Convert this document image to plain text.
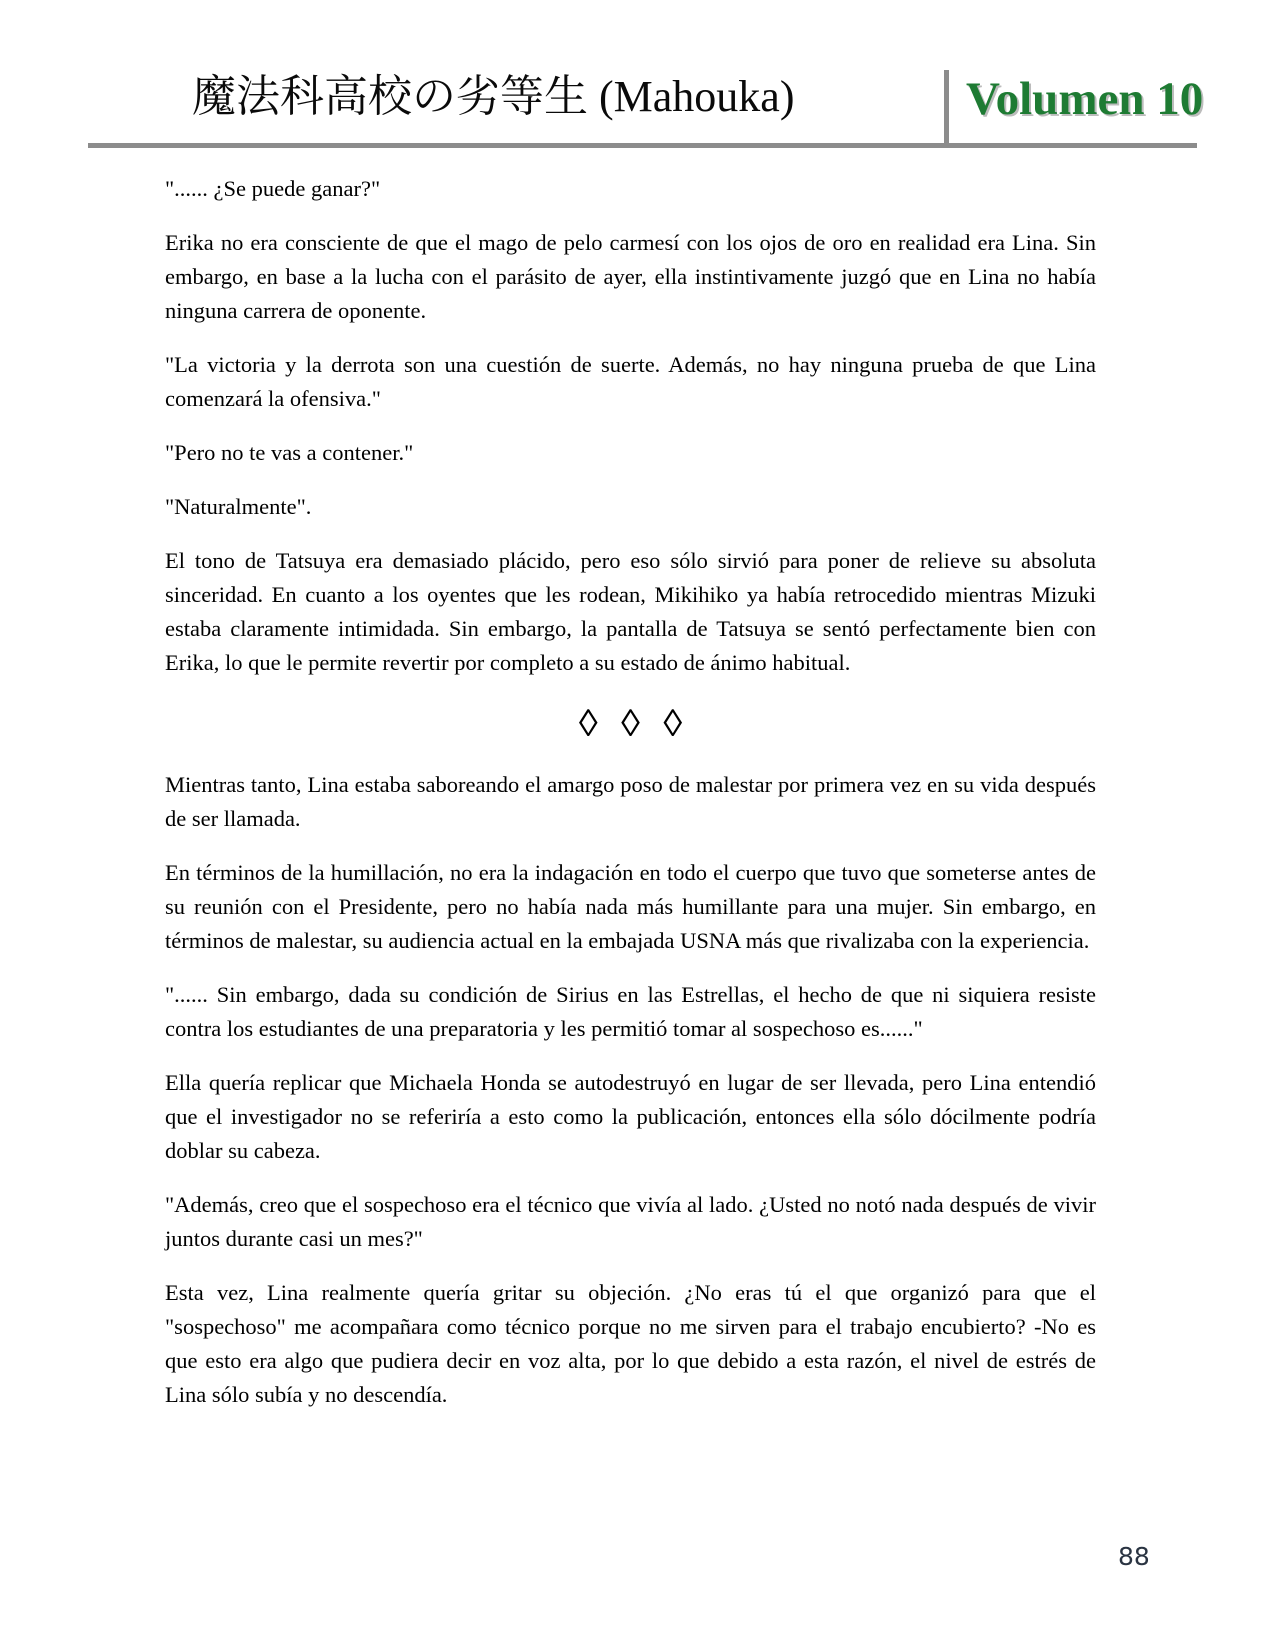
魔法科高校の劣等生 (Mahouka)	Volumen 10

"...... ¿Se puede ganar?"

Erika no era consciente de que el mago de pelo carmesí con los ojos de oro en realidad era Lina. Sin embargo, en base a la lucha con el parásito de ayer, ella instintivamente juzgó que en Lina no había ninguna carrera de oponente.

"La victoria y la derrota son una cuestión de suerte. Además, no hay ninguna prueba de que Lina comenzará la ofensiva."

"Pero no te vas a contener."

"Naturalmente".

El tono de Tatsuya era demasiado plácido, pero eso sólo sirvió para poner de relieve su absoluta sinceridad. En cuanto a los oyentes que les rodean, Mikihiko ya había retrocedido mientras Mizuki estaba claramente intimidada. Sin embargo, la pantalla de Tatsuya se sentó perfectamente bien con Erika, lo que le permite revertir por completo a su estado de ánimo habitual.

◊ ◊ ◊

Mientras tanto, Lina estaba saboreando el amargo poso de malestar por primera vez en su vida después de ser llamada.

En términos de la humillación, no era la indagación en todo el cuerpo que tuvo que someterse antes de su reunión con el Presidente, pero no había nada más humillante para una mujer. Sin embargo, en términos de malestar, su audiencia actual en la embajada USNA más que rivalizaba con la experiencia.

"...... Sin embargo, dada su condición de Sirius en las Estrellas, el hecho de que ni siquiera resiste contra los estudiantes de una preparatoria y les permitió tomar al sospechoso es......"

Ella quería replicar que Michaela Honda se autodestruyó en lugar de ser llevada, pero Lina entendió que el investigador no se referiría a esto como la publicación, entonces ella sólo dócilmente podría doblar su cabeza.

"Además, creo que el sospechoso era el técnico que vivía al lado. ¿Usted no notó nada después de vivir juntos durante casi un mes?"

Esta vez, Lina realmente quería gritar su objeción. ¿No eras tú el que organizó para que el "sospechoso" me acompañara como técnico porque no me sirven para el trabajo encubierto? -No es que esto era algo que pudiera decir en voz alta, por lo que debido a esta razón, el nivel de estrés de Lina sólo subía y no descendía.

88
